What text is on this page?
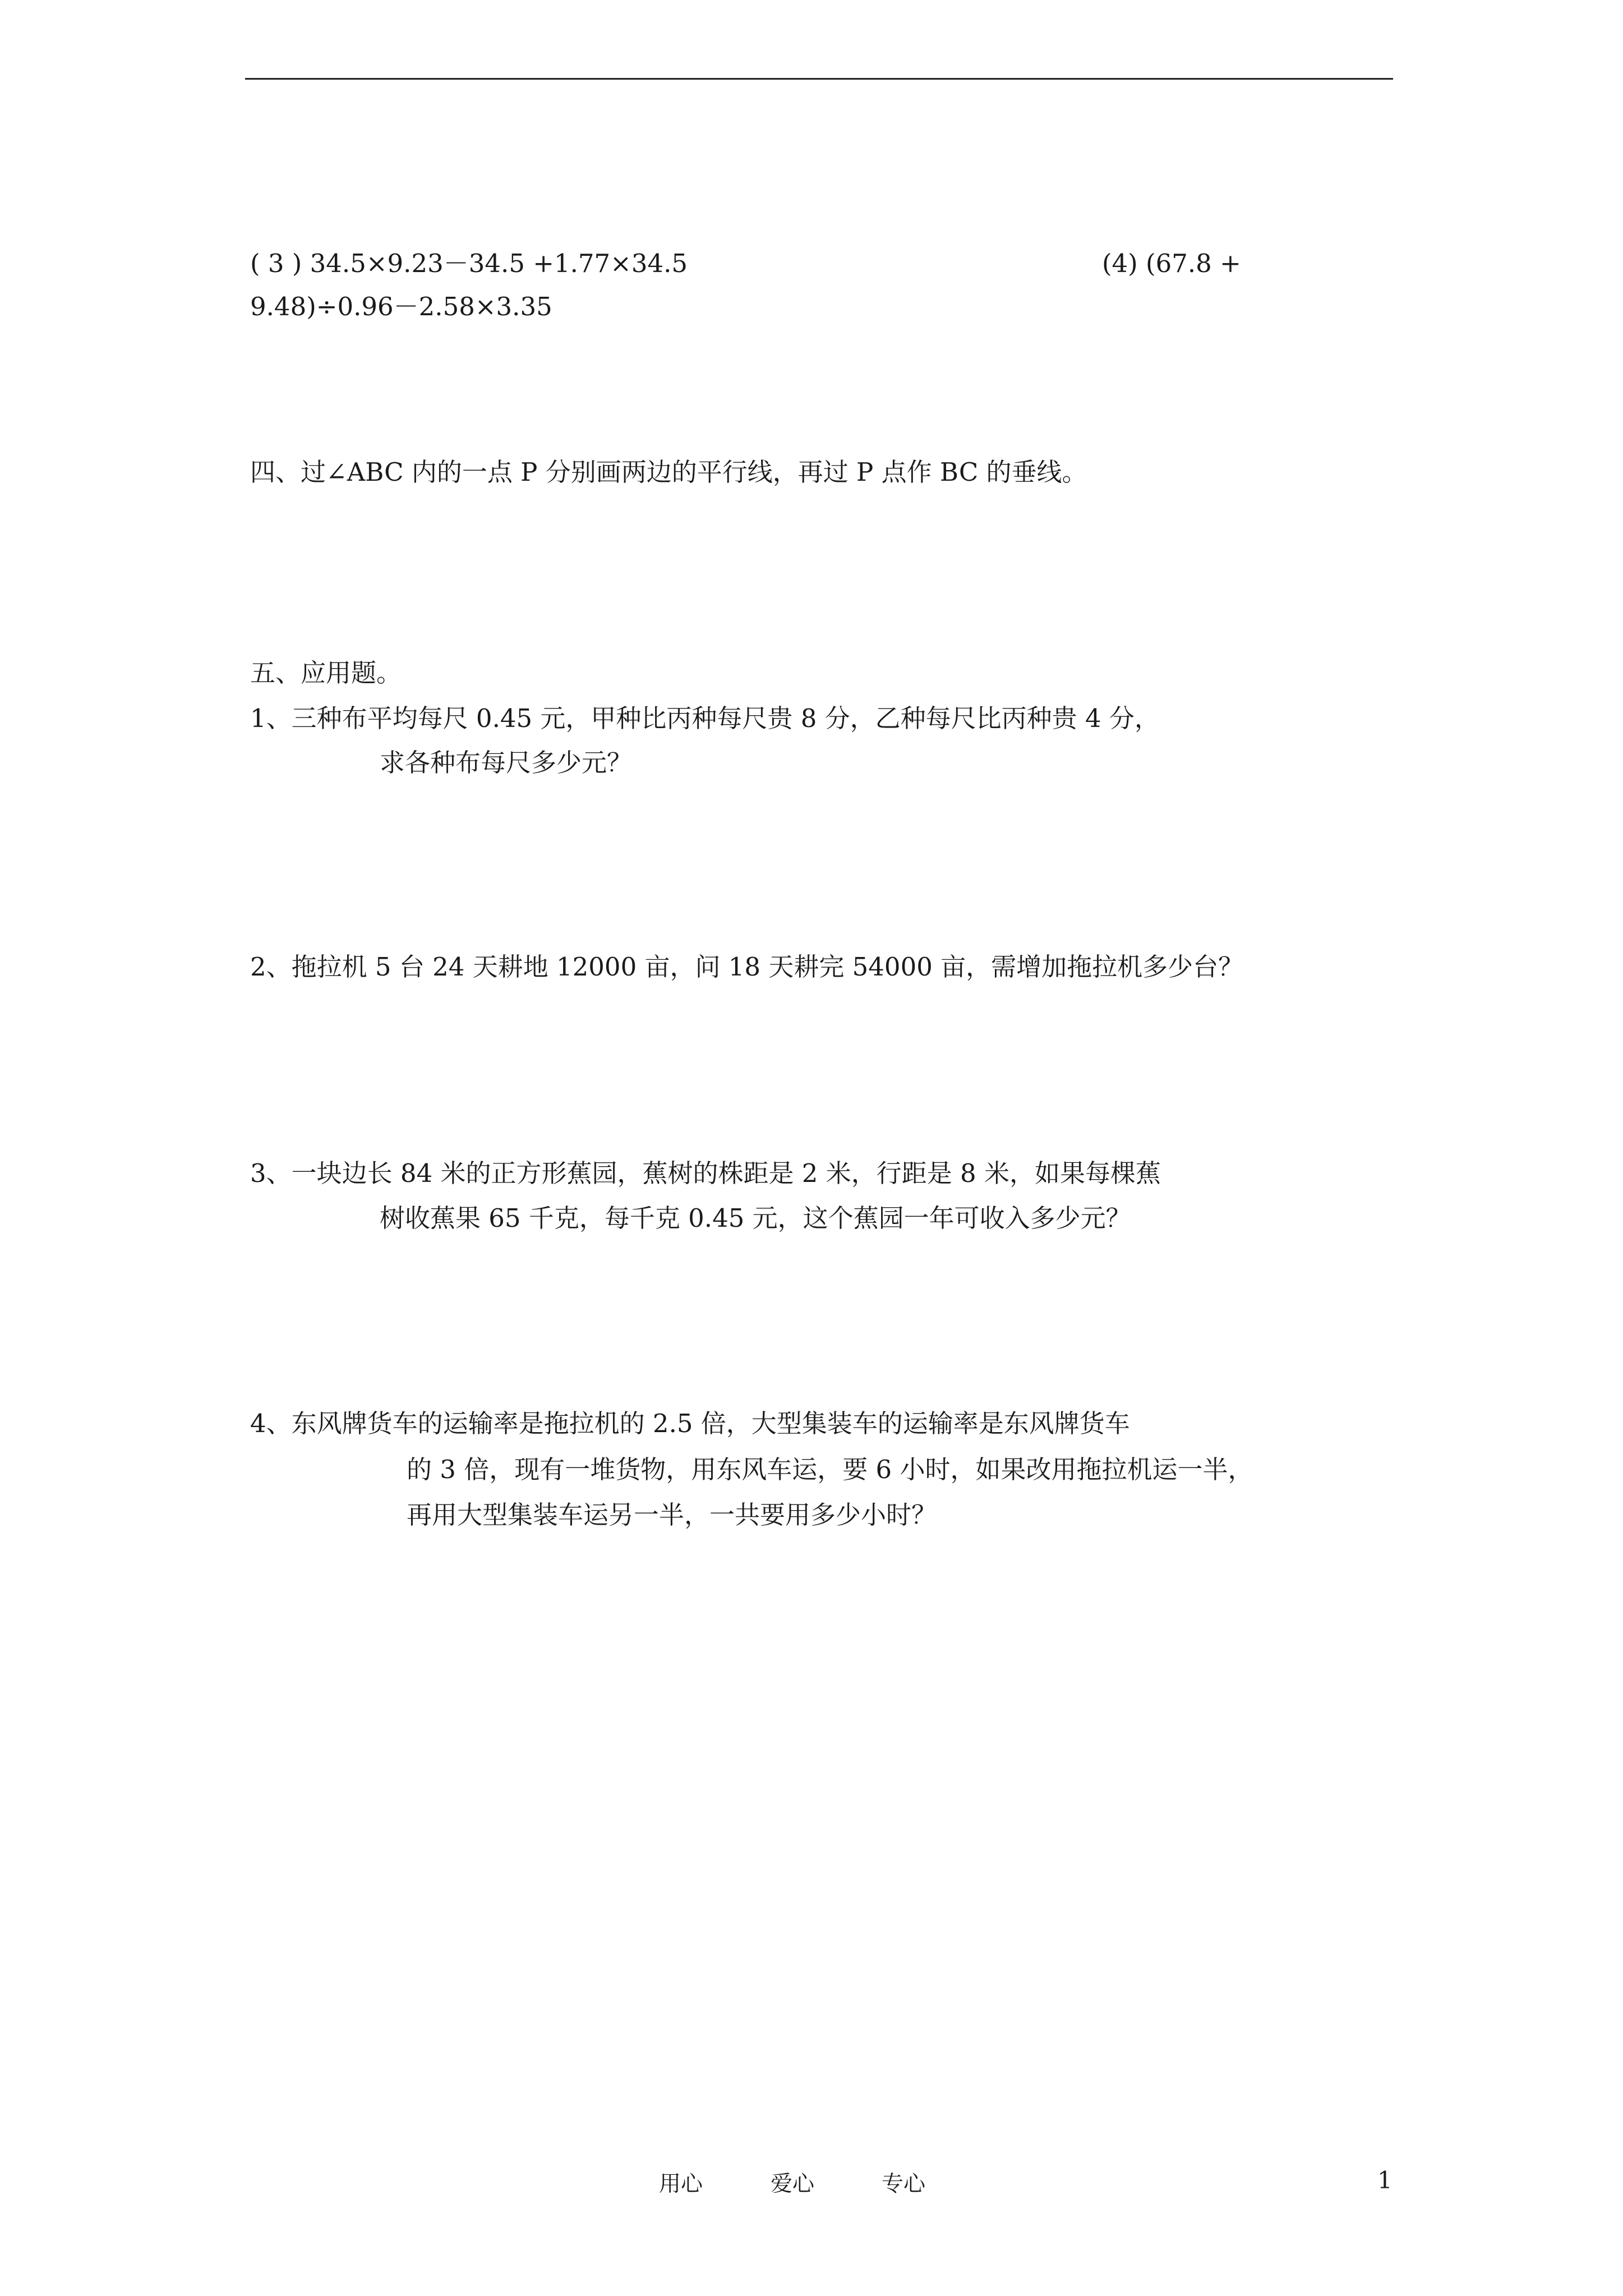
( 3 ) 34.5×9.23－34.5 +1.77×34.5	(4) (67.8 +
9.48)÷0.96－2.58×3.35
四、过∠ABC 内的一点 P 分别画两边的平行线，再过 P 点作 BC 的垂线。
五、应用题。
1、三种布平均每尺 0.45 元，甲种比丙种每尺贵 8 分，乙种每尺比丙种贵 4 分，
求各种布每尺多少元？
2、拖拉机 5 台 24 天耕地 12000 亩，问 18 天耕完 54000 亩，需增加拖拉机多少台？
3、一块边长 84 米的正方形蕉园，蕉树的株距是 2 米，行距是 8 米，如果每棵蕉
树收蕉果 65 千克，每千克 0.45 元，这个蕉园一年可收入多少元？
4、东风牌货车的运输率是拖拉机的 2.5 倍，大型集装车的运输率是东风牌货车
的 3 倍，现有一堆货物，用东风车运，要 6 小时，如果改用拖拉机运一半，
再用大型集装车运另一半，一共要用多少小时？
用心	爱心	专心	1
